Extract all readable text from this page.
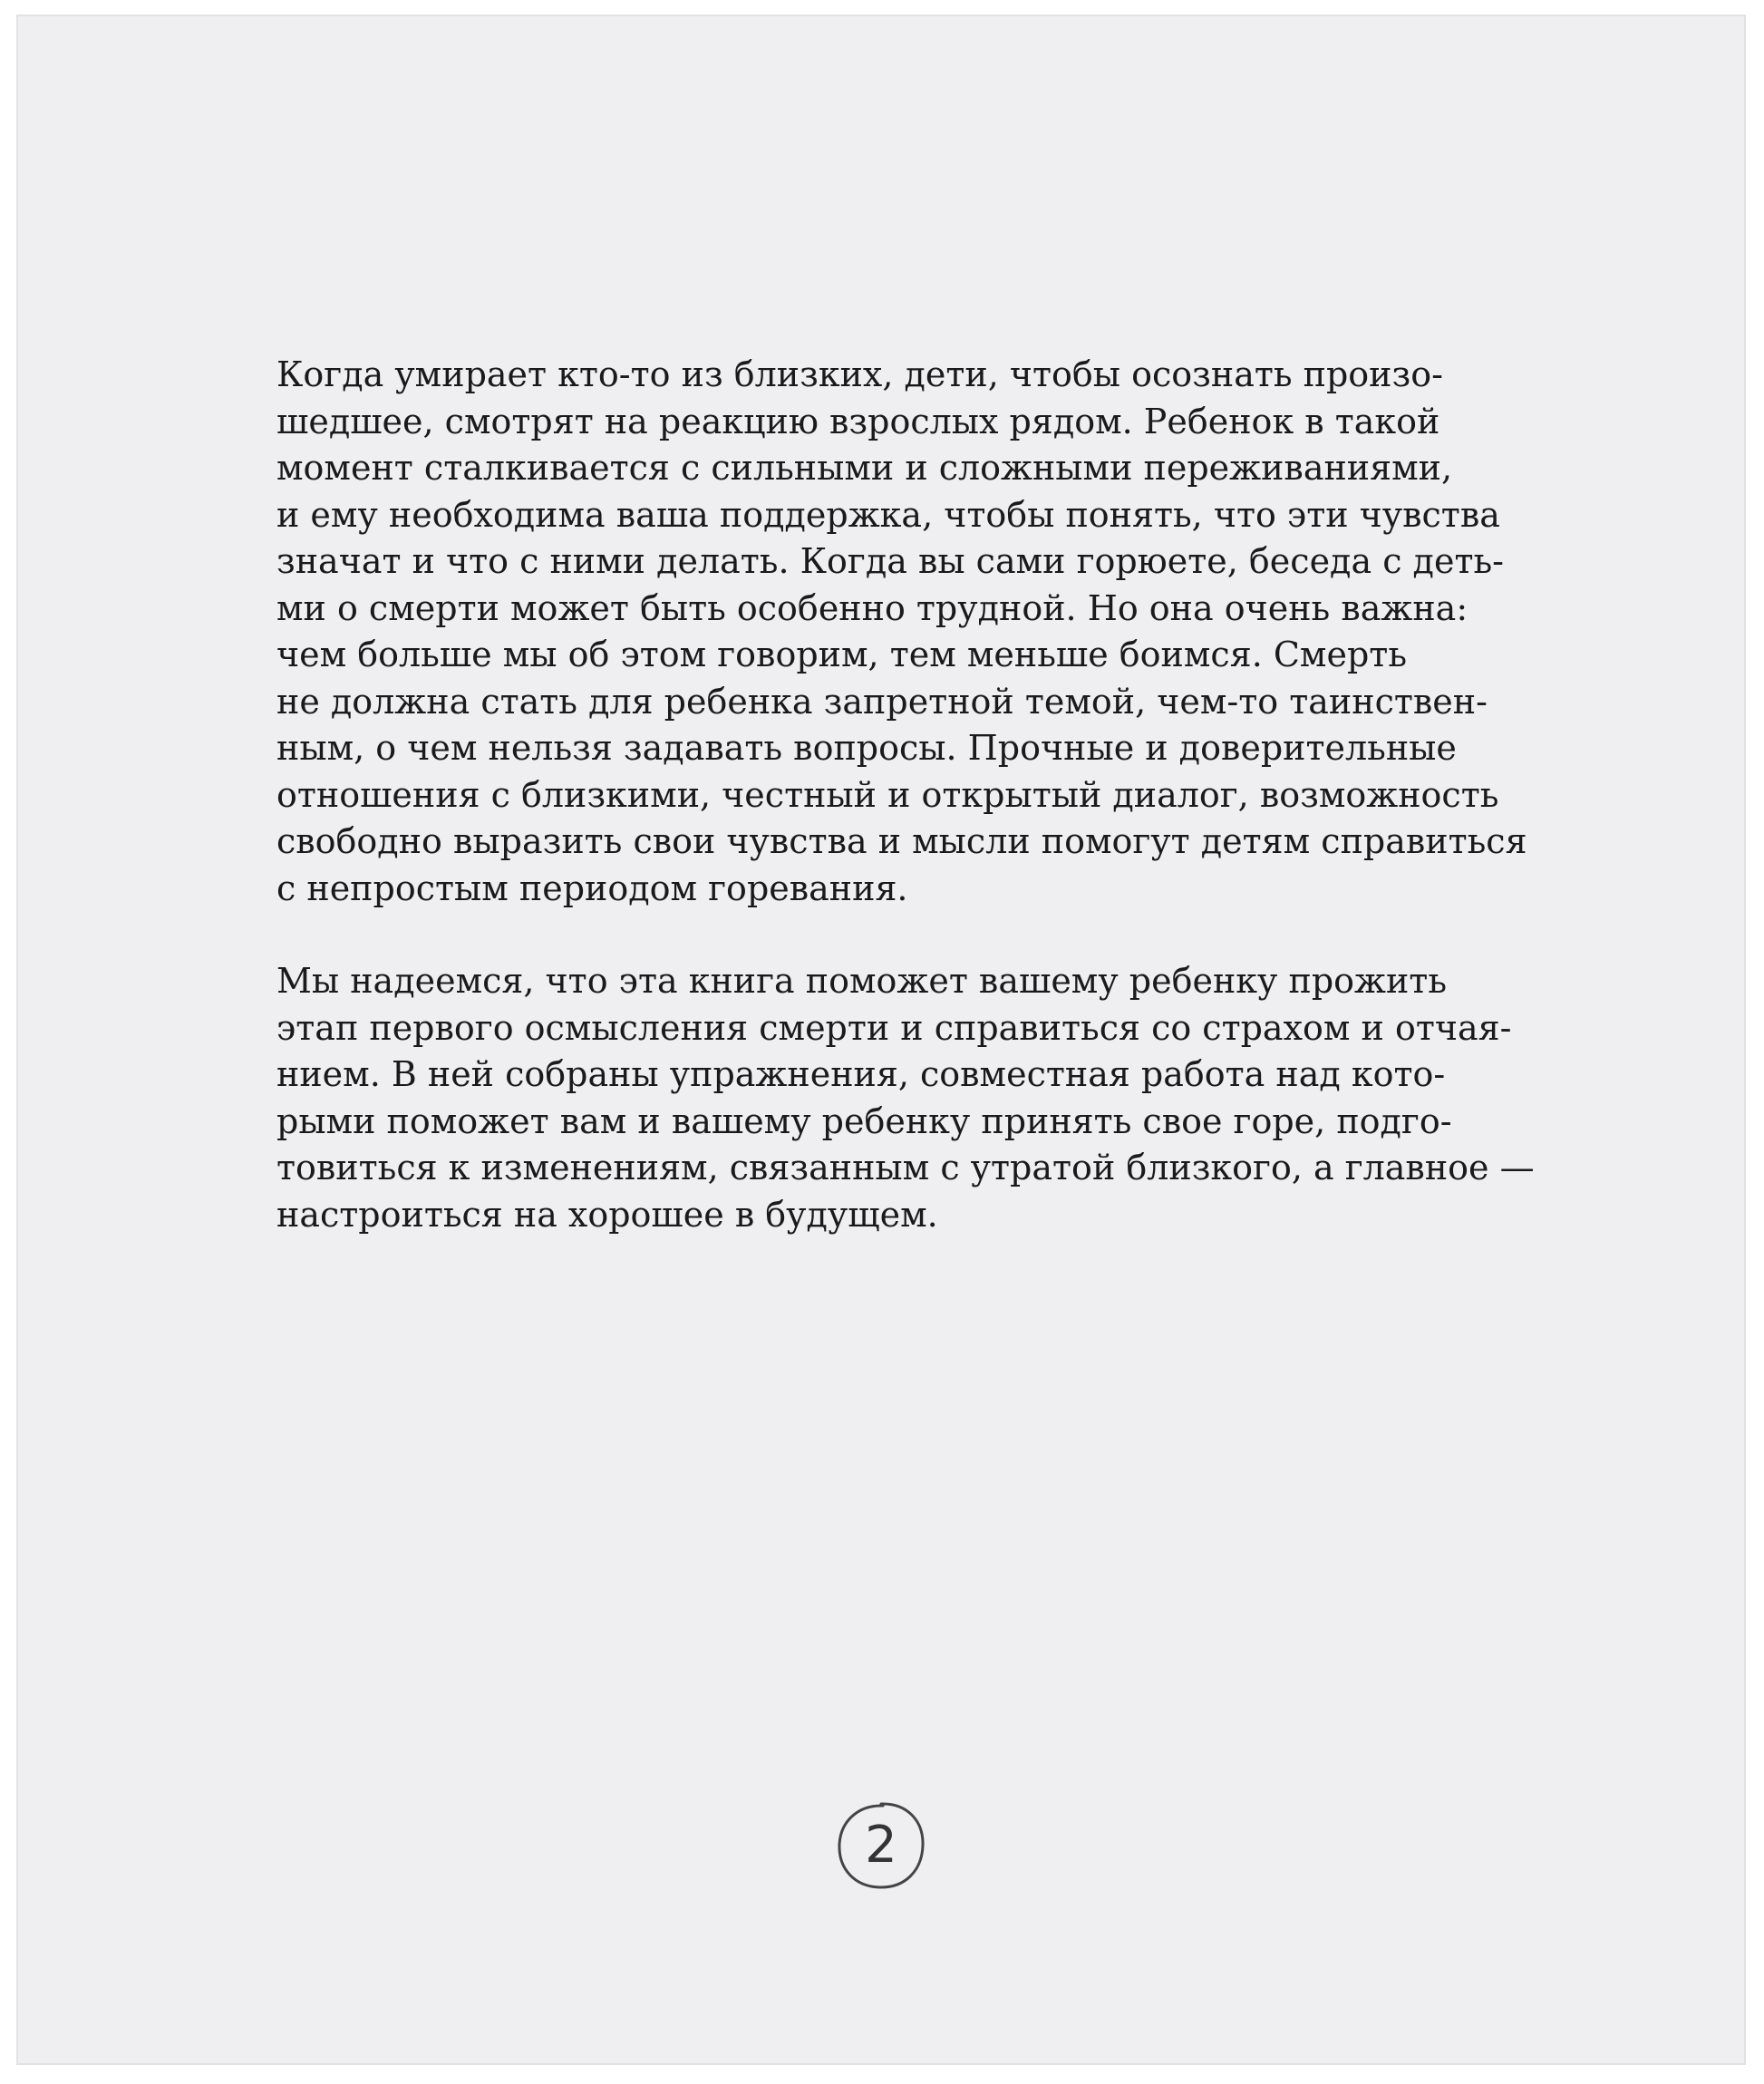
Когда умирает кто-то из близких, дети, чтобы осознать произо-
шедшее, смотрят на реакцию взрослых рядом. Ребенок в такой
момент сталкивается с сильными и сложными переживаниями,
и ему необходима ваша поддержка, чтобы понять, что эти чувства
значат и что с ними делать. Когда вы сами горюете, беседа с деть-
ми о смерти может быть особенно трудной. Но она очень важна:
чем больше мы об этом говорим, тем меньше боимся. Смерть
не должна стать для ребенка запретной темой, чем-то таинствен-
ным, о чем нельзя задавать вопросы. Прочные и доверительные
отношения с близкими, честный и открытый диалог, возможность
свободно выразить свои чувства и мысли помогут детям справиться
с непростым периодом горевания.

Мы надеемся, что эта книга поможет вашему ребенку прожить
этап первого осмысления смерти и справиться со страхом и отчая-
нием. В ней собраны упражнения, совместная работа над кото-
рыми поможет вам и вашему ребенку принять свое горе, подго-
товиться к изменениям, связанным с утратой близкого, а главное —
настроиться на хорошее в будущем.

2
